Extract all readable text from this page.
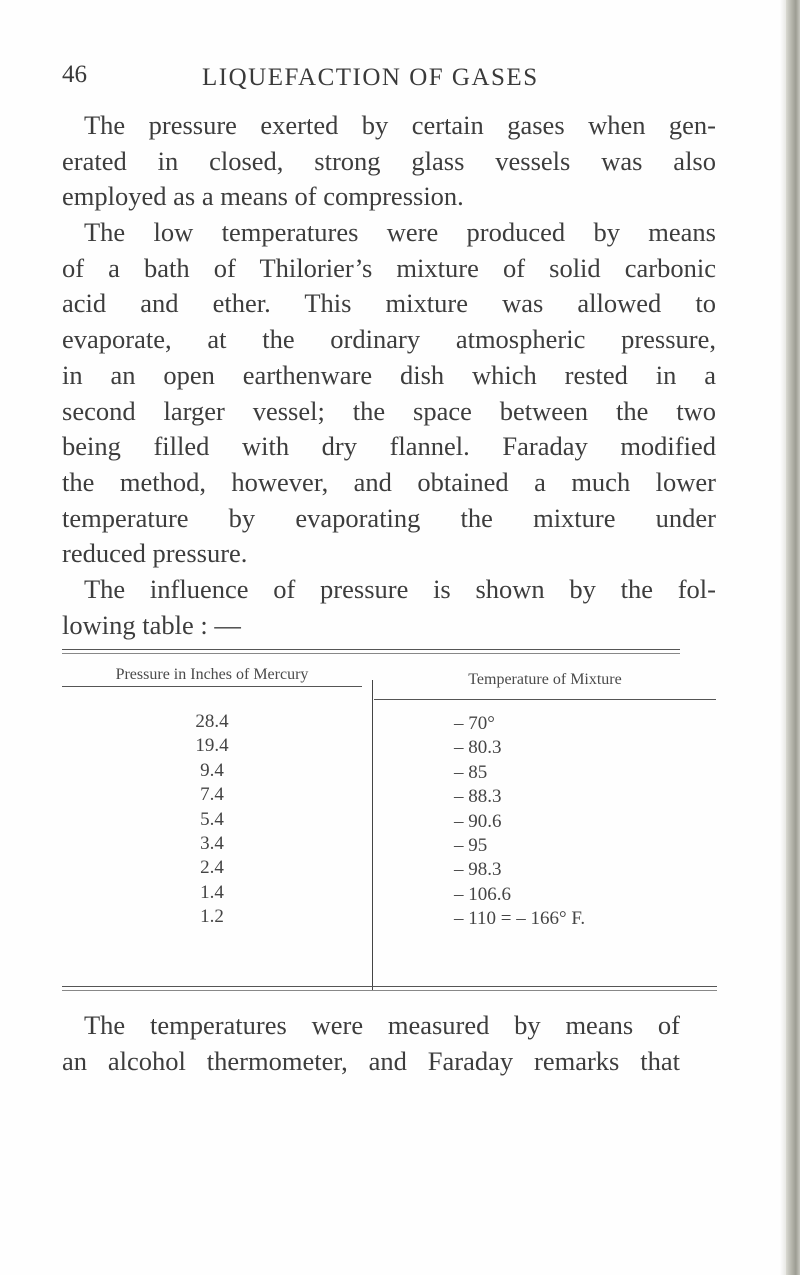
46	LIQUEFACTION OF GASES
The pressure exerted by certain gases when gen-
erated in closed, strong glass vessels was also
employed as a means of compression.
The low temperatures were produced by means
of a bath of Thilorier’s mixture of solid carbonic
acid and ether. This mixture was allowed to
evaporate, at the ordinary atmospheric pressure,
in an open earthenware dish which rested in a
second larger vessel; the space between the two
being filled with dry flannel. Faraday modified
the method, however, and obtained a much lower
temperature by evaporating the mixture under
reduced pressure.
The influence of pressure is shown by the fol-
lowing table : —
Pressure in Inches of Mercury	Temperature of Mixture
28.4
19.4
9.4
7.4
5.4
3.4
2.4
1.4
1.2
– 70°
– 80.3
– 85
– 88.3
– 90.6
– 95
– 98.3
– 106.6
– 110 = – 166° F.
The temperatures were measured by means of
an alcohol thermometer, and Faraday remarks that
